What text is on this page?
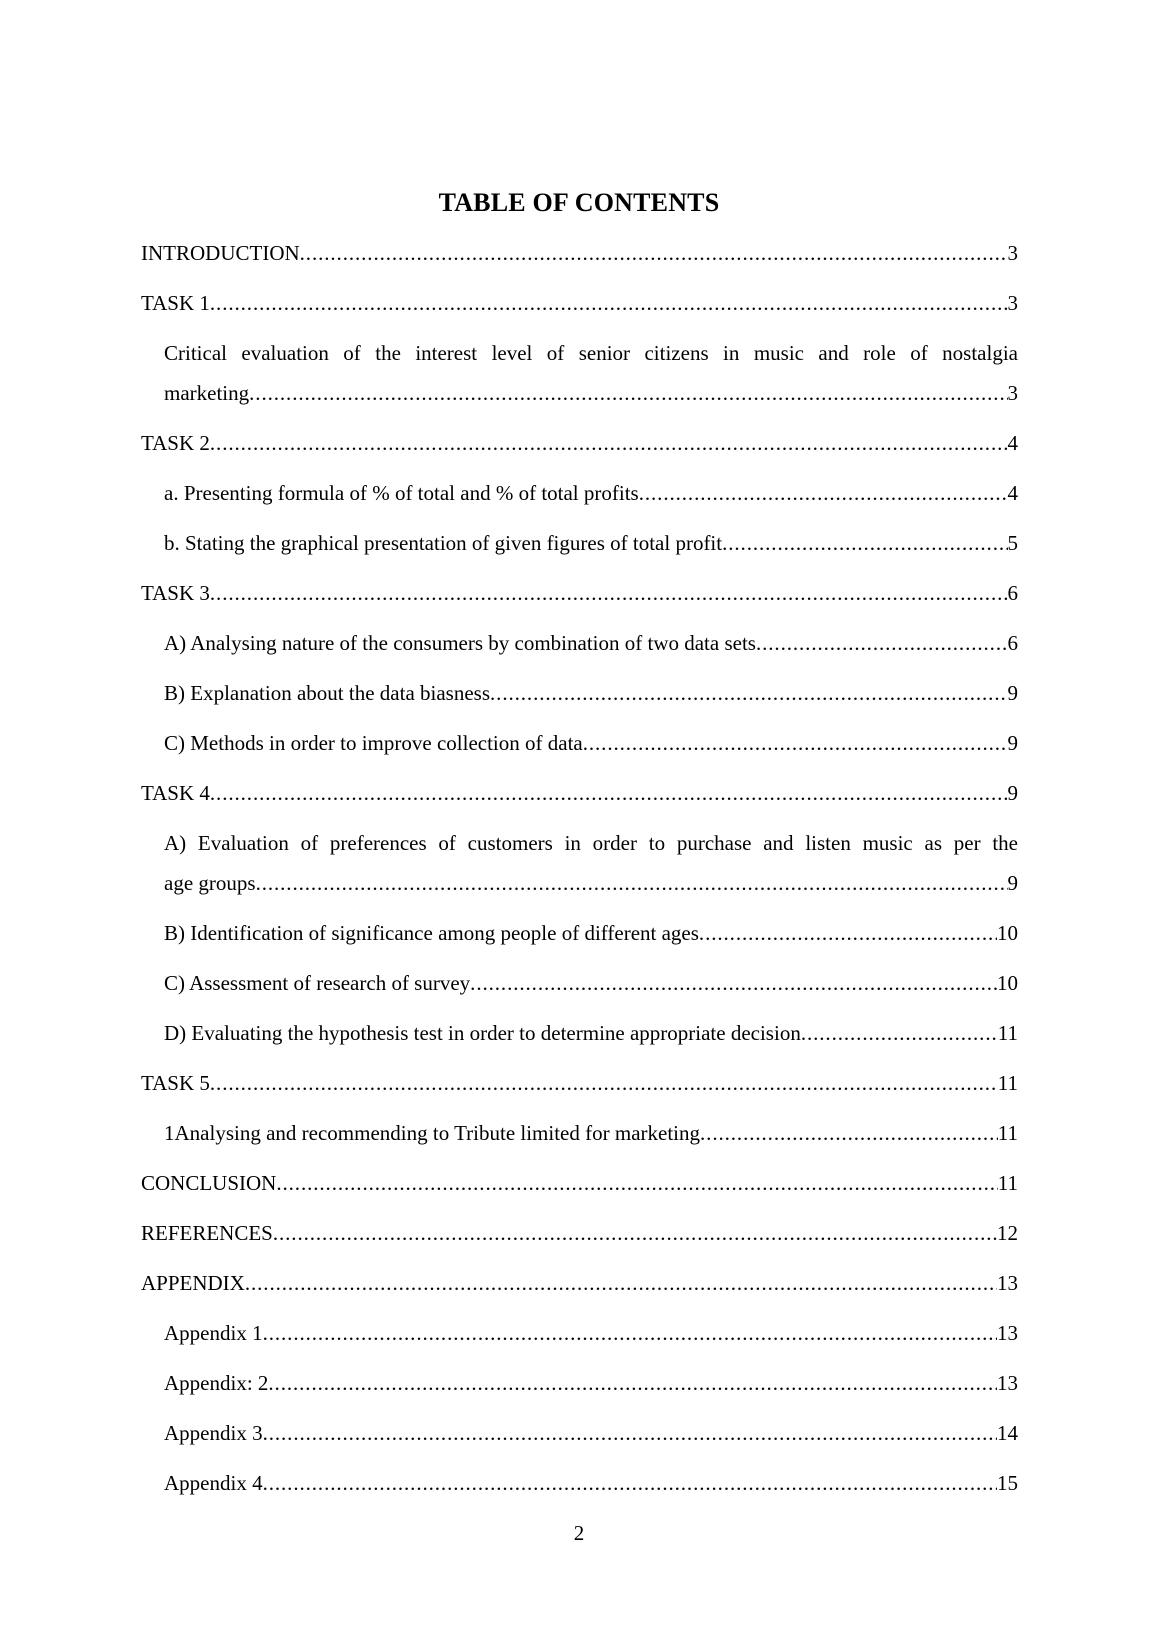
TABLE OF CONTENTS
INTRODUCTION .....	3
TASK 1 .....	3
Critical evaluation of the interest level of senior citizens in music and role of nostalgia
marketing .....	3
TASK 2 .....	4
a. Presenting formula of % of total and % of total profits .....	4
b. Stating the graphical presentation of given figures of total profit .....	5
TASK 3 .....	6
A) Analysing nature of the consumers by combination of two data sets .....	6
B) Explanation about the data biasness .....	9
C) Methods in order to improve collection of data .....	9
TASK 4 .....	9
A) Evaluation of preferences of customers in order to purchase and listen music as per the
age groups .....	9
B) Identification of significance among people of different ages .....	10
C) Assessment of research of survey .....	10
D) Evaluating the hypothesis test in order to determine appropriate decision .....	11
TASK 5 .....	11
1Analysing and recommending to Tribute limited for marketing .....	11
CONCLUSION .....	11
REFERENCES .....	12
APPENDIX .....	13
Appendix 1 .....	13
Appendix: 2 .....	13
Appendix 3 .....	14
Appendix 4 .....	15
2
